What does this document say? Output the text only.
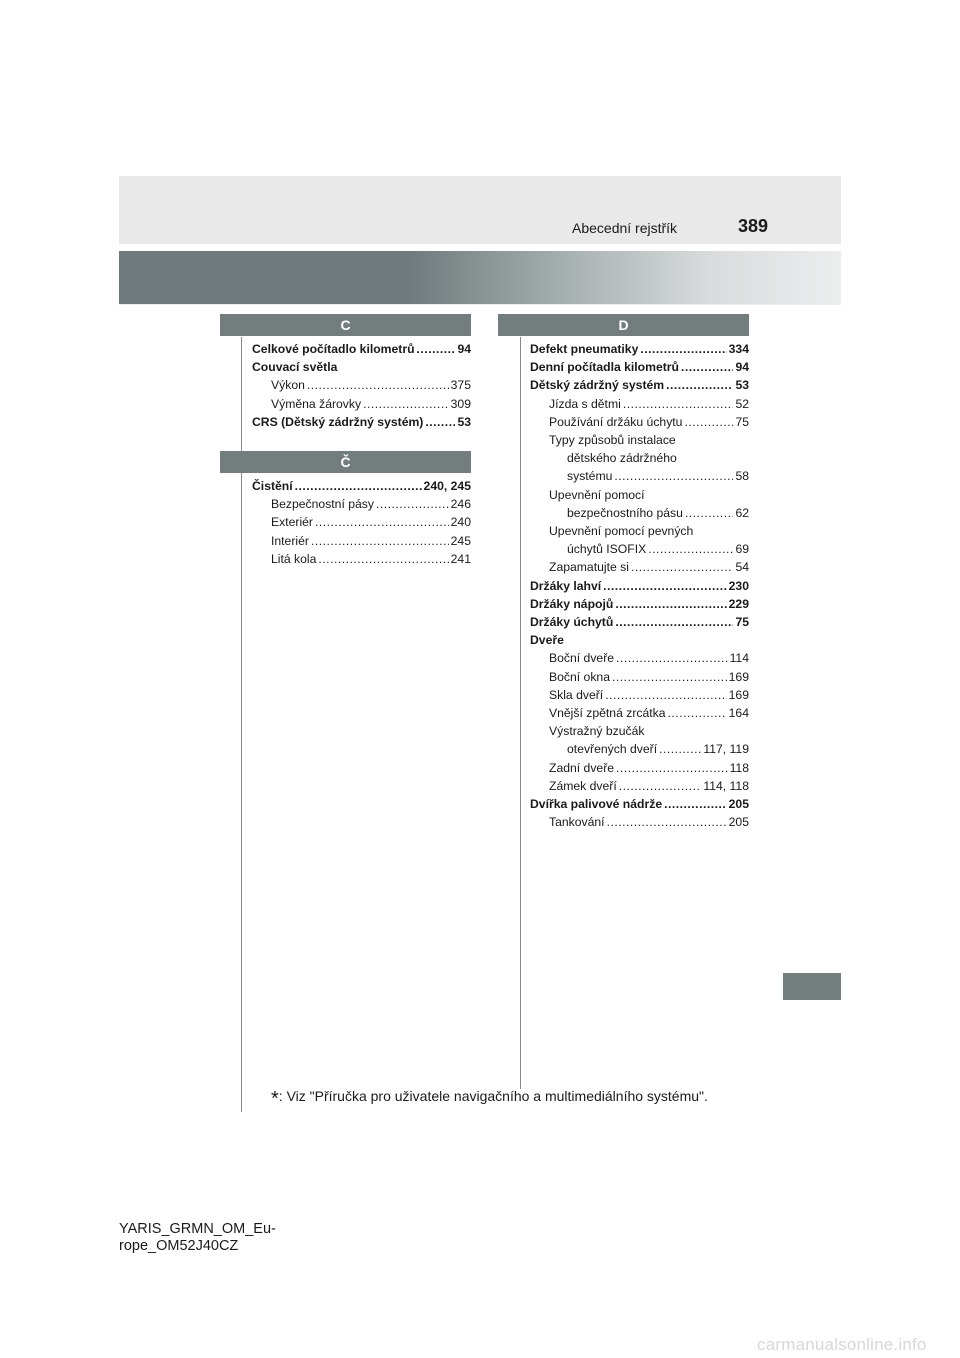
Abecední rejstřík	389
C
Celkové počítadlo kilometrů .....	94
Couvací světla
Výkon .....	375
Výměna žárovky .....	309
CRS (Dětský zádržný systém) .....	53
Č
Čistění .....	240, 245
Bezpečnostní pásy .....	246
Exteriér .....	240
Interiér .....	245
Litá kola .....	241
D
Defekt pneumatiky .....	334
Denní počítadla kilometrů .....	94
Dětský zádržný systém .....	53
Jízda s dětmi .....	52
Používání držáku úchytu .....	75
Typy způsobů instalace
dětského zádržného
systému .....	58
Upevnění pomocí
bezpečnostního pásu .....	62
Upevnění pomocí pevných
úchytů ISOFIX .....	69
Zapamatujte si .....	54
Držáky lahví .....	230
Držáky nápojů .....	229
Držáky úchytů .....	75
Dveře
Boční dveře .....	114
Boční okna .....	169
Skla dveří .....	169
Vnější zpětná zrcátka .....	164
Výstražný bzučák
otevřených dveří .....	117, 119
Zadní dveře .....	118
Zámek dveří .....	114, 118
Dvířka palivové nádrže .....	205
Tankování .....	205
*: Viz "Příručka pro uživatele navigačního a multimediálního systému".
YARIS_GRMN_OM_Eu-
rope_OM52J40CZ
carmanualsonline.info
